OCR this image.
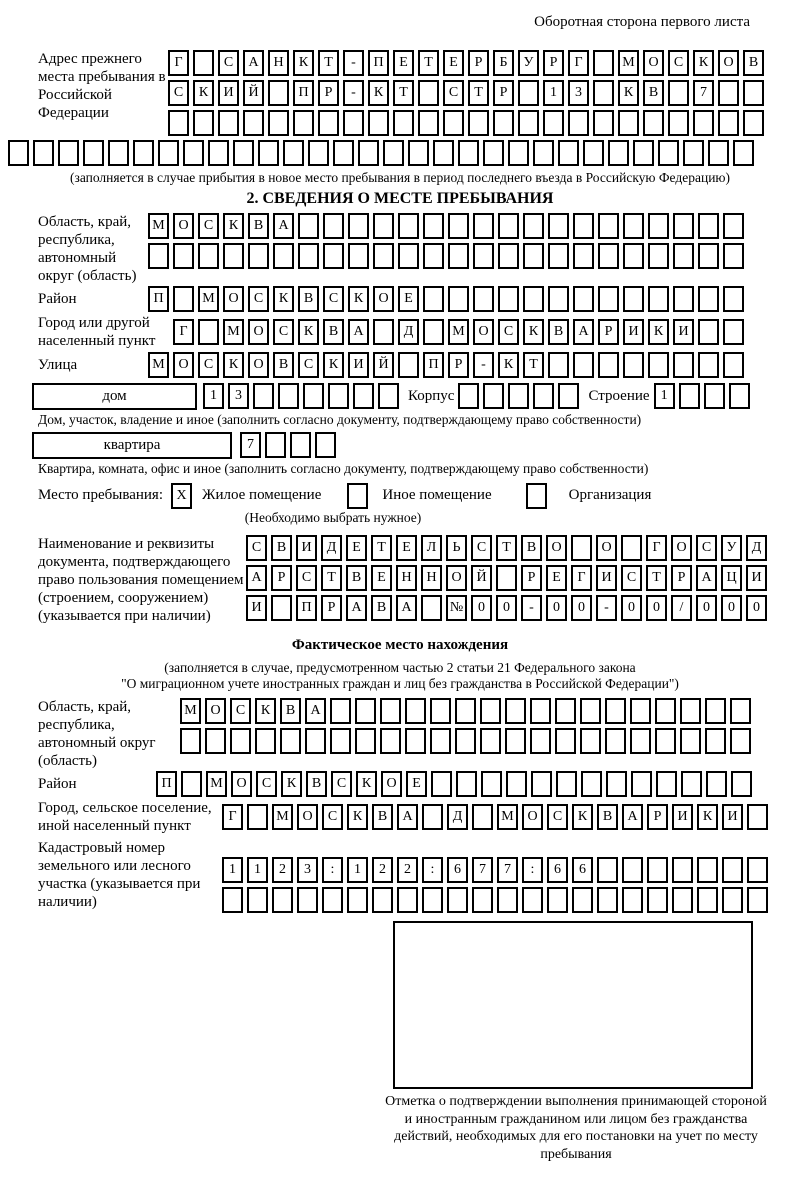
Оборотная сторона первого листа
Адрес прежнего места пребывания в Российской Федерации
Г	С	А	Н	К	Т	-	П	Е	Т	Е	Р	Б	У	Р	Г	М О	С	К	О	В
С	К	И	Й	П	Р	-	К	Т	С	Т	Р	1	3	К	В	7
(заполняется в случае прибытия в новое место пребывания в период последнего въезда в Российскую Федерацию)
2. СВЕДЕНИЯ О МЕСТЕ ПРЕБЫВАНИЯ
Область, край, республика, автономный округ (область)
М О	С	К	В	А
Район	П	М О	С	К	В	С	К	О	Е
Город или другой населенный пункт
Г	М О	С	К	В	А	Д	М О	С	К	В	А	Р	И	К	И
Улица	М О	С	К	О	В	С	К	И	Й	П	Р	-	К	Т
дом	1	3	Корпус	Строение 1
Дом, участок, владение и иное (заполнить согласно документу, подтверждающему право собственности)
квартира	7
Квартира, комната, офис и иное (заполнить согласно документу, подтверждающему право собственности)
Место пребывания: X	Жилое помещение	Иное помещение	Организация
(Необходимо выбрать нужное)
Наименование и реквизиты документа, подтверждающего право пользования помещением (строением, сооружением) (указывается при наличии)
С	В	И	Д	Е	Т	Е	Л	Ь	С	Т	В	О	О	Г	О	С	У	Д
А	Р	С	Т	В	Е	Н	Н	О	Й	Р	Е	Г	И	С	Т	Р	А	Ц	И
И	П	Р	А	В	А	№	0	0	-	0	0	-	0	0	/	0	0	0
Фактическое место нахождения
(заполняется в случае, предусмотренном частью 2 статьи 21 Федерального закона
"О миграционном учете иностранных граждан и лиц без гражданства в Российской Федерации")
Область, край, республика, автономный округ (область)
М О	С	К	В	А
Район	П	М О	С	К	В	С	К	О	Е
Город, сельское поселение, иной населенный пункт
Г	М О	С	К	В	А	Д	М О	С	К	В	А	Р	И	К	И
Кадастровый номер земельного или лесного участка (указывается при наличии)
1	1	2	3	:	1	2	2	:	6	7	7	:	6	6
Отметка о подтверждении выполнения принимающей стороной и иностранным гражданином или лицом без гражданства действий, необходимых для его постановки на учет по месту пребывания
